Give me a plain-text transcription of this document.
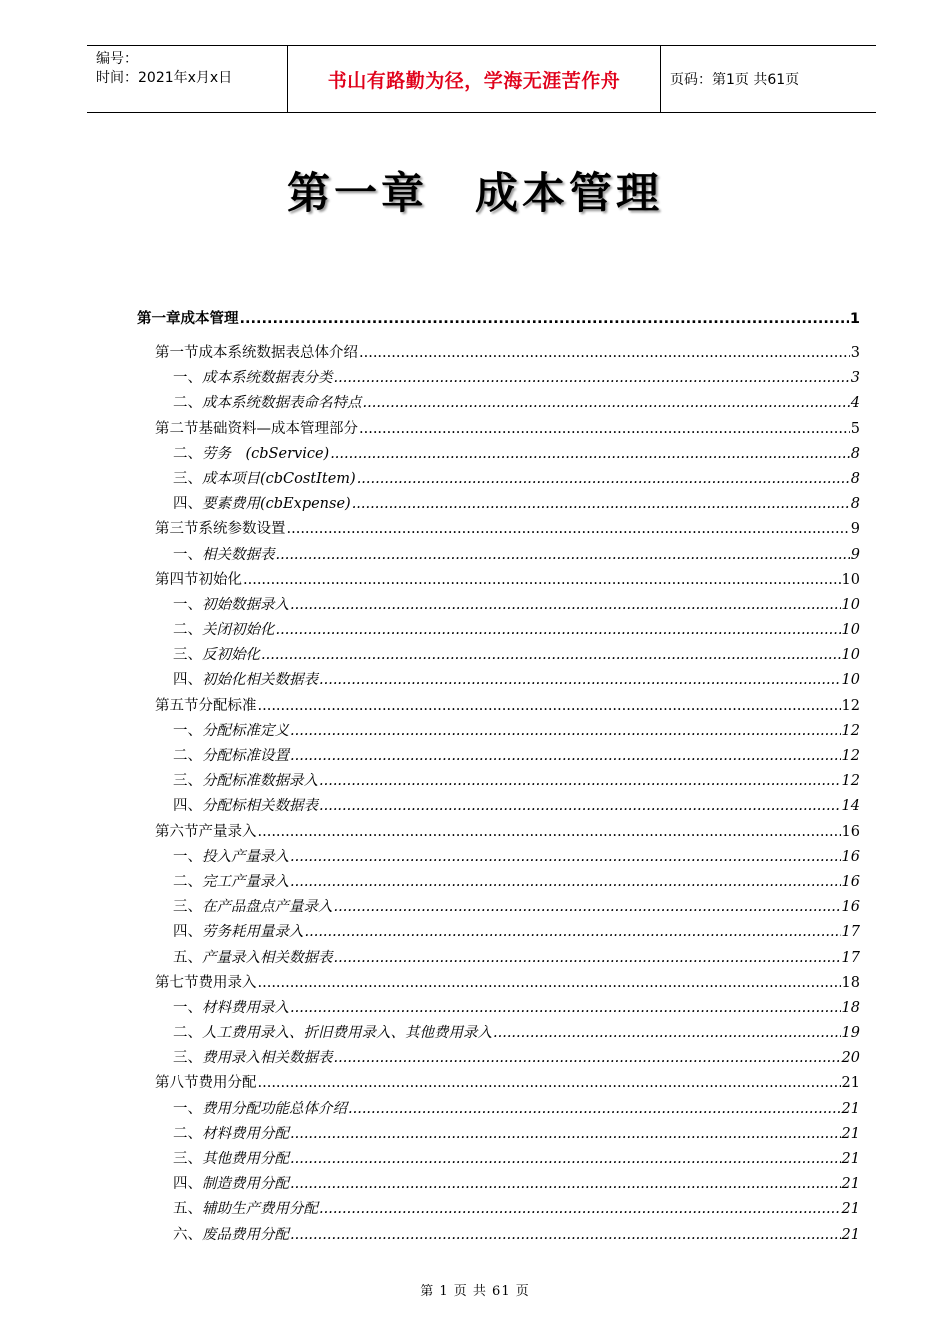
编号：
时间：2021年x月x日	书山有路勤为径，学海无涯苦作舟	页码：第1页 共61页
第一章　成本管理
第一章 成本管理 .....	1
第一节 成本系统数据表总体介绍 .....	3
一、 成本系统数据表分类 .....	3
二、 成本系统数据表命名特点 .....	4
第二节 基础资料—成本管理部分 .....	5
二、 劳务　(cbService) .....	8
三、 成本项目(cbCostItem) .....	8
四、 要素费用(cbExpense) .....	8
第三节 系统参数设置 .....	9
一、 相关数据表 .....	9
第四节 初始化 .....	10
一、 初始数据录入 .....	10
二、 关闭初始化 .....	10
三、 反初始化 .....	10
四、 初始化相关数据表 .....	10
第五节 分配标准 .....	12
一、 分配标准定义 .....	12
二、 分配标准设置 .....	12
三、 分配标准数据录入 .....	12
四、 分配标相关数据表 .....	14
第六节 产量录入 .....	16
一、 投入产量录入 .....	16
二、 完工产量录入 .....	16
三、 在产品盘点产量录入 .....	16
四、 劳务耗用量录入 .....	17
五、 产量录入相关数据表 .....	17
第七节 费用录入 .....	18
一、 材料费用录入 .....	18
二、 人工费用录入、折旧费用录入、其他费用录入 .....	19
三、 费用录入相关数据表 .....	20
第八节 费用分配 .....	21
一、 费用分配功能总体介绍 .....	21
二、 材料费用分配 .....	21
三、 其他费用分配 .....	21
四、 制造费用分配 .....	21
五、 辅助生产费用分配 .....	21
六、 废品费用分配 .....	21
第 1 页 共 61 页
